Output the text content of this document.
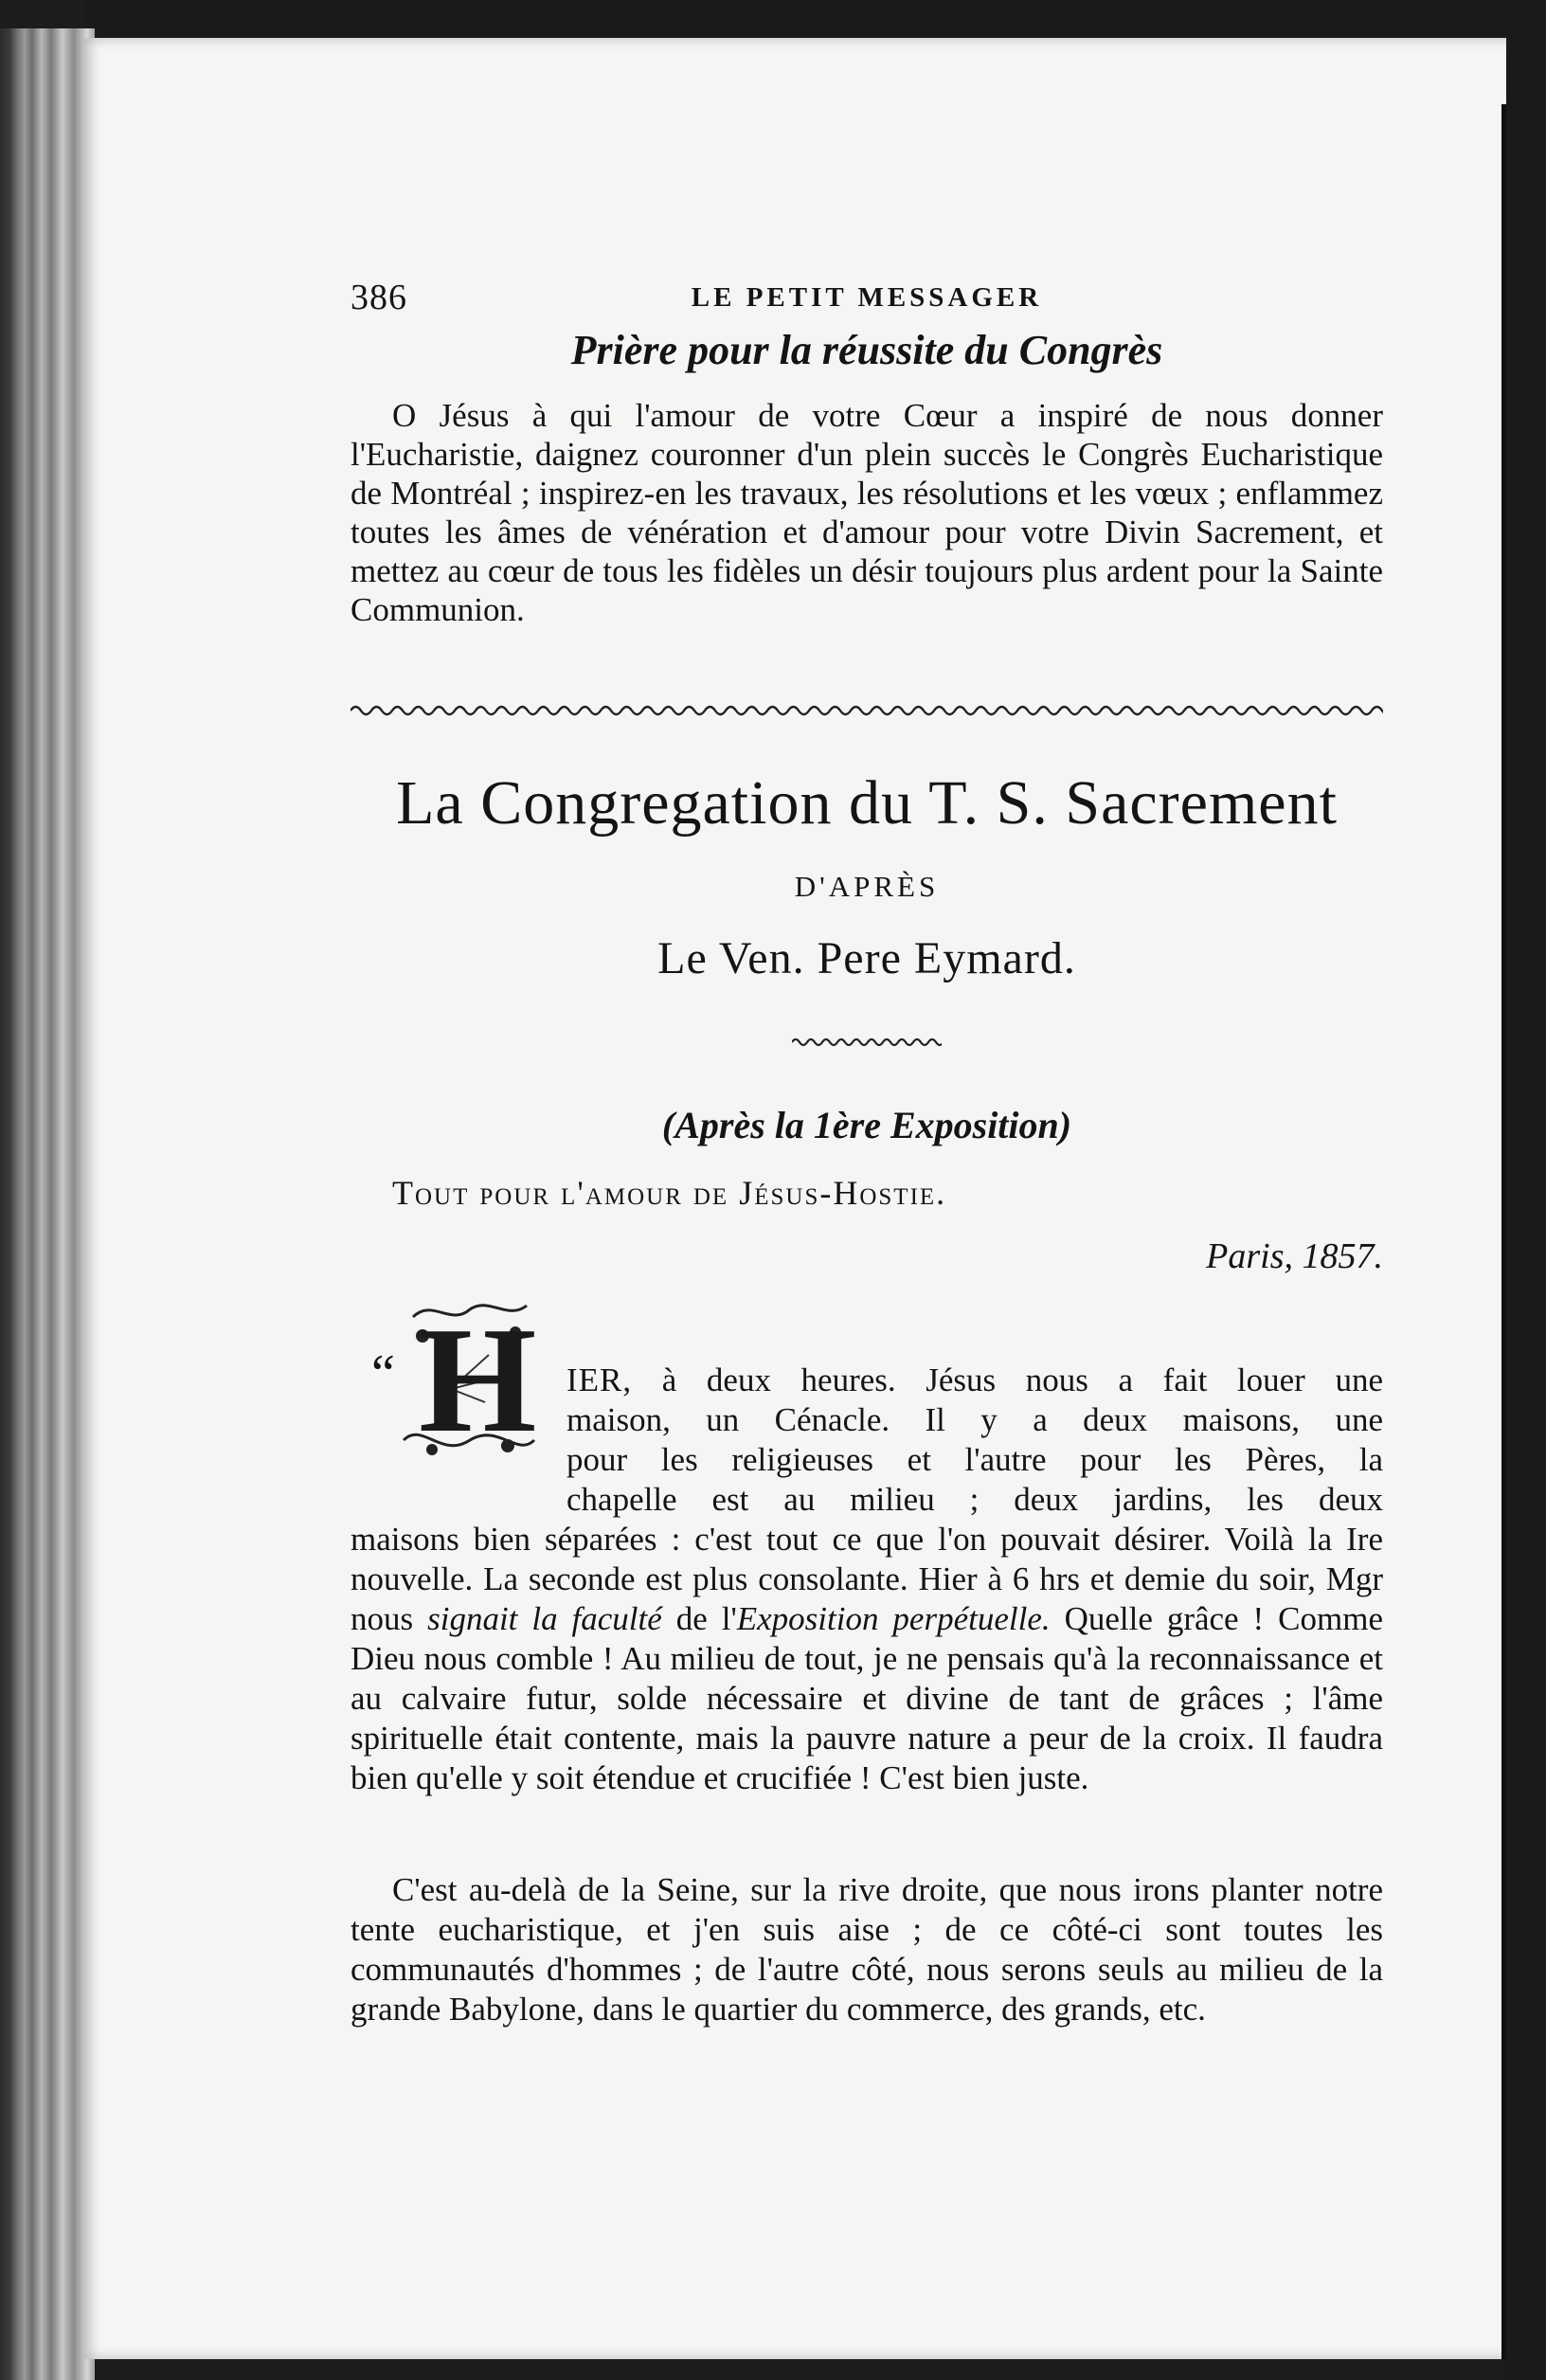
386	LE PETIT MESSAGER
Prière pour la réussite du Congrès

O Jésus à qui l'amour de votre Cœur a inspiré de nous donner l'Eucharistie, daignez couronner d'un plein succès le Congrès Eucharistique de Montréal ; inspirez-en les travaux, les résolutions et les vœux ; enflammez toutes les âmes de vénération et d'amour pour votre Divin Sacrement, et mettez au cœur de tous les fidèles un désir toujours plus ardent pour la Sainte Communion.

La Congregation du T. S. Sacrement
D'APRÈS
Le Ven. Pere Eymard.
(Après la 1ère Exposition)
Tout pour l'amour de Jésus-Hostie.
Paris, 1857.
“ H IER, à deux heures. Jésus nous a fait louer une
maison, un Cénacle. Il y a deux maisons, une
pour les religieuses et l'autre pour les Pères, la
chapelle est au milieu ; deux jardins, les deux

maisons bien séparées : c'est tout ce que l'on pouvait désirer. Voilà la Ire nouvelle. La seconde est plus consolante. Hier à 6 hrs et demie du soir, Mgr nous signait la faculté de l'Exposition perpétuelle. Quelle grâce ! Comme Dieu nous comble ! Au milieu de tout, je ne pensais qu'à la reconnaissance et au calvaire futur, solde nécessaire et divine de tant de grâces ; l'âme spirituelle était contente, mais la pauvre nature a peur de la croix. Il faudra bien qu'elle y soit étendue et crucifiée ! C'est bien juste.

C'est au-delà de la Seine, sur la rive droite, que nous irons planter notre tente eucharistique, et j'en suis aise ; de ce côté-ci sont toutes les communautés d'hommes ; de l'autre côté, nous serons seuls au milieu de la grande Babylone, dans le quartier du commerce, des grands, etc.
